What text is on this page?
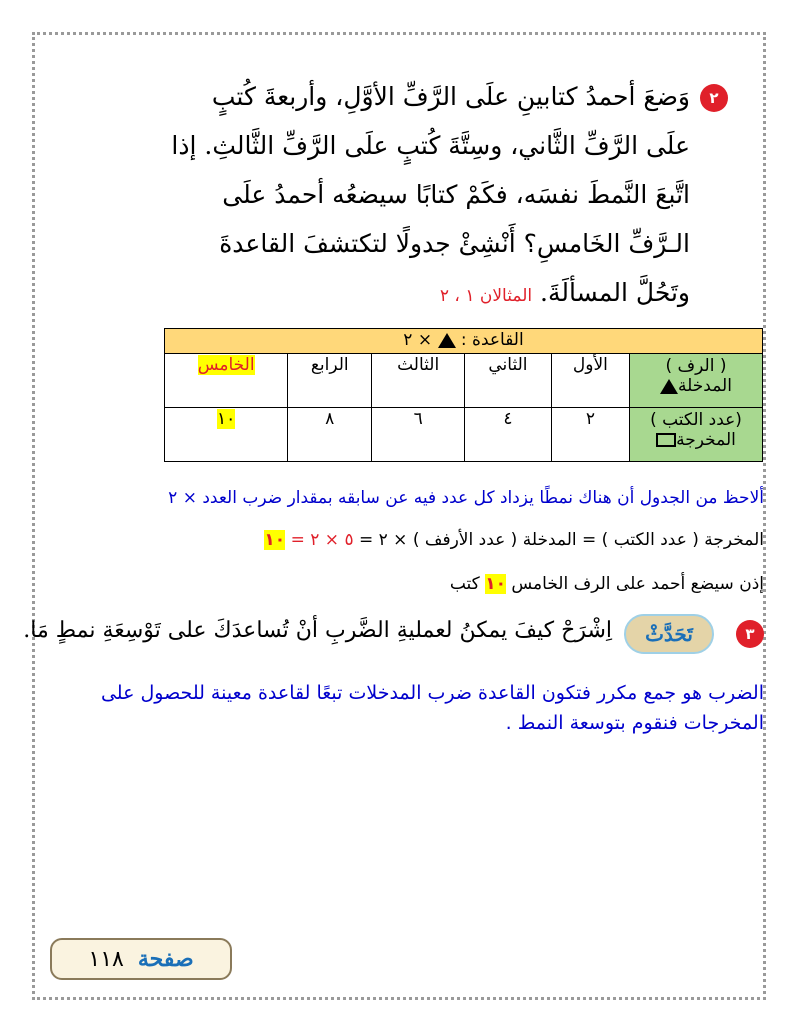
٢
وَضعَ أحمدُ كتابينِ علَى الرَّفِّ الأوَّلِ، وأربعةَ كُتبٍ علَى الرَّفِّ الثَّاني، وسِتَّةَ كُتبٍ علَى الرَّفِّ الثَّالثِ. إذا اتَّبعَ النَّمطَ نفسَه، فكَمْ كتابًا سيضعُه أحمدُ علَى الـرَّفِّ الخَامسِ؟ أَنْشِئْ جدولًا لتكتشفَ القاعدةَ وتَحُلَّ المسألَةَ. المثالان ١ ، ٢
القاعدة :  × ٢					

( الرف )
المدخلة	الأول	الثاني	الثالث	الرابع	الخامس

(عدد الكتب )
المخرجة	٢	٤	٦	٨	١٠
ألاحظ من الجدول أن هناك نمطًا يزداد كل عدد فيه عن سابقه بمقدار ضرب العدد × ٢
المخرجة ( عدد الكتب ) = المدخلة ( عدد الأرفف ) × ٢ = ٥ × ٢ = ١٠
إذن سيضع أحمد على الرف الخامس ١٠ كتب
٣
تَحَدَّثْ
اِشْرَحْ كيفَ يمكنُ لعمليةِ الضَّربِ أنْ تُساعدَكَ على تَوْسِعَةِ نمطٍ مَا.
الضرب هو جمع مكرر فتكون القاعدة ضرب المدخلات تبعًا لقاعدة معينة للحصول على المخرجات فنقوم بتوسعة النمط .
صفحة
١١٨
